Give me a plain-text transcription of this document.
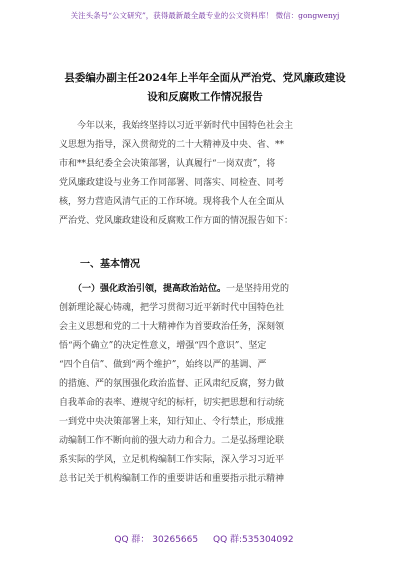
关注头条号“公文研究”，获得最新最全最专业的公文资料库！ 微信：gongwenyj
县委编办副主任2024年上半年全面从严治党、党风廉政建设
设和反腐败工作情况报告
今年以来，我始终坚持以习近平新时代中国特色社会主
义思想为指导，深入贯彻党的二十大精神及中央、省、**
市和**县纪委全会决策部署，认真履行“一岗双责”，将
党风廉政建设与业务工作同部署、同落实、同检查、同考
核，努力营造风清气正的工作环境。现将我个人在全面从
严治党、党风廉政建设和反腐败工作方面的情况报告如下：
一、基本情况
（一）强化政治引领，提高政治站位。一是坚持用党的
创新理论凝心铸魂，把学习贯彻习近平新时代中国特色社
会主义思想和党的二十大精神作为首要政治任务，深刻领
悟“两个确立”的决定性意义，增强“四个意识”、坚定
“四个自信”、做到“两个维护”，始终以严的基调、严
的措施、严的氛围强化政治监督、正风肃纪反腐，努力做
自我革命的表率、遵规守纪的标杆，切实把思想和行动统
一到党中央决策部署上来，知行知止、令行禁止，形成推
动编制工作不断向前的强大动力和合力。二是弘扬理论联
系实际的学风，立足机构编制工作实际，深入学习习近平
总书记关于机构编制工作的重要讲话和重要指示批示精神
QQ 群： 30265665 QQ 群:535304092
